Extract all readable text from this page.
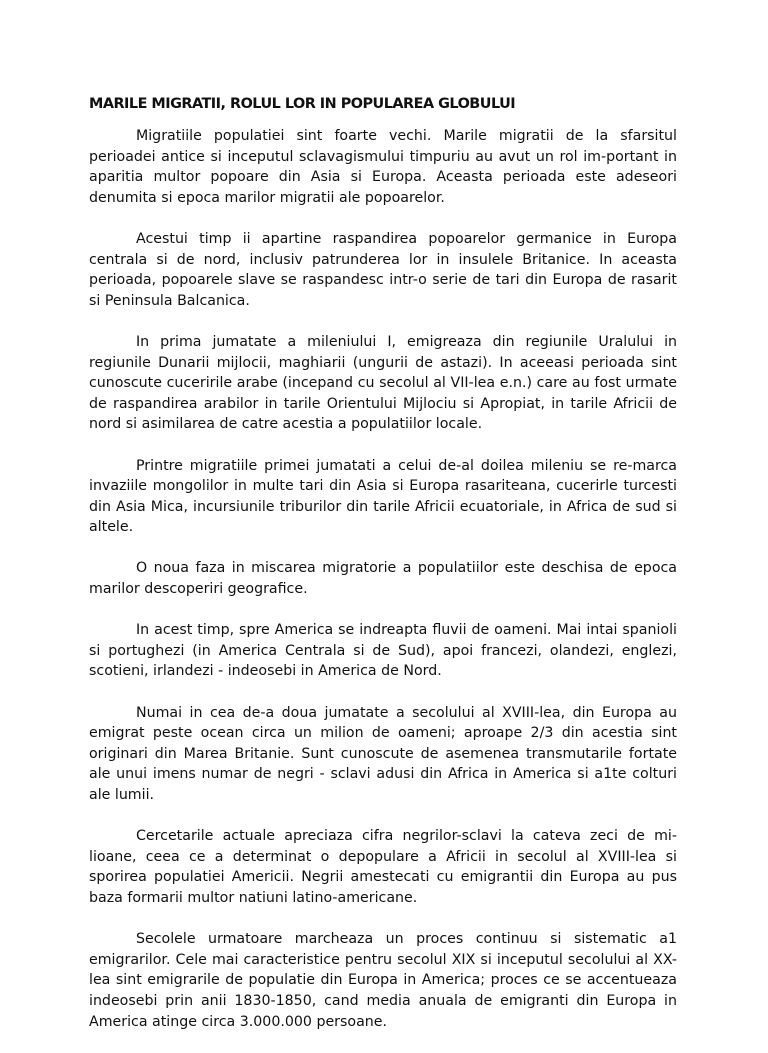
MARILE MIGRATII, ROLUL LOR IN POPULAREA GLOBULUI

Migratiile populatiei sint foarte vechi. Marile migratii de la sfarsitul perioadei antice si inceputul sclavagismului timpuriu au avut un rol im-portant in aparitia multor popoare din Asia si Europa. Aceasta perioada este adeseori denumita si epoca marilor migratii ale popoarelor.

Acestui timp ii apartine raspandirea popoarelor germanice in Europa centrala si de nord, inclusiv patrunderea lor in insulele Britanice. In aceasta perioada, popoarele slave se raspandesc intr-o serie de tari din Europa de rasarit si Peninsula Balcanica.

In prima jumatate a mileniului I, emigreaza din regiunile Uralului in regiunile Dunarii mijlocii, maghiarii (ungurii de astazi). In aceeasi perioada sint cunoscute cuceririle arabe (incepand cu secolul al VII-lea e.n.) care au fost urmate de raspandirea arabilor in tarile Orientului Mijlociu si Apropiat, in tarile Africii de nord si asimilarea de catre acestia a populatiilor locale.

Printre migratiile primei jumatati a celui de-al doilea mileniu se re-marca invaziile mongolilor in multe tari din Asia si Europa rasariteana, cucerirle turcesti din Asia Mica, incursiunile triburilor din tarile Africii ecuatoriale, in Africa de sud si altele.

O noua faza in miscarea migratorie a populatiilor este deschisa de epoca marilor descoperiri geografice.

In acest timp, spre America se indreapta fluvii de oameni. Mai intai spanioli si portughezi (in America Centrala si de Sud), apoi francezi, olandezi, englezi, scotieni, irlandezi - indeosebi in America de Nord.

Numai in cea de-a doua jumatate a secolului al XVIII-lea, din Europa au emigrat peste ocean circa un milion de oameni; aproape 2/3 din acestia sint originari din Marea Britanie. Sunt cunoscute de asemenea transmutarile fortate ale unui imens numar de negri - sclavi adusi din Africa in America si a1te colturi ale lumii.

Cercetarile actuale apreciaza cifra negrilor-sclavi la cateva zeci de mi-lioane, ceea ce a determinat o depopulare a Africii in secolul al XVIII-lea si sporirea populatiei Americii. Negrii amestecati cu emigrantii din Europa au pus baza formarii multor natiuni latino-americane.

Secolele urmatoare marcheaza un proces continuu si sistematic a1 emigrarilor. Cele mai caracteristice pentru secolul XIX si inceputul secolului al XX-lea sint emigrarile de populatie din Europa in America; proces ce se accentueaza indeosebi prin anii 1830-1850, cand media anuala de emigranti din Europa in America atinge circa 3.000.000 persoane.
